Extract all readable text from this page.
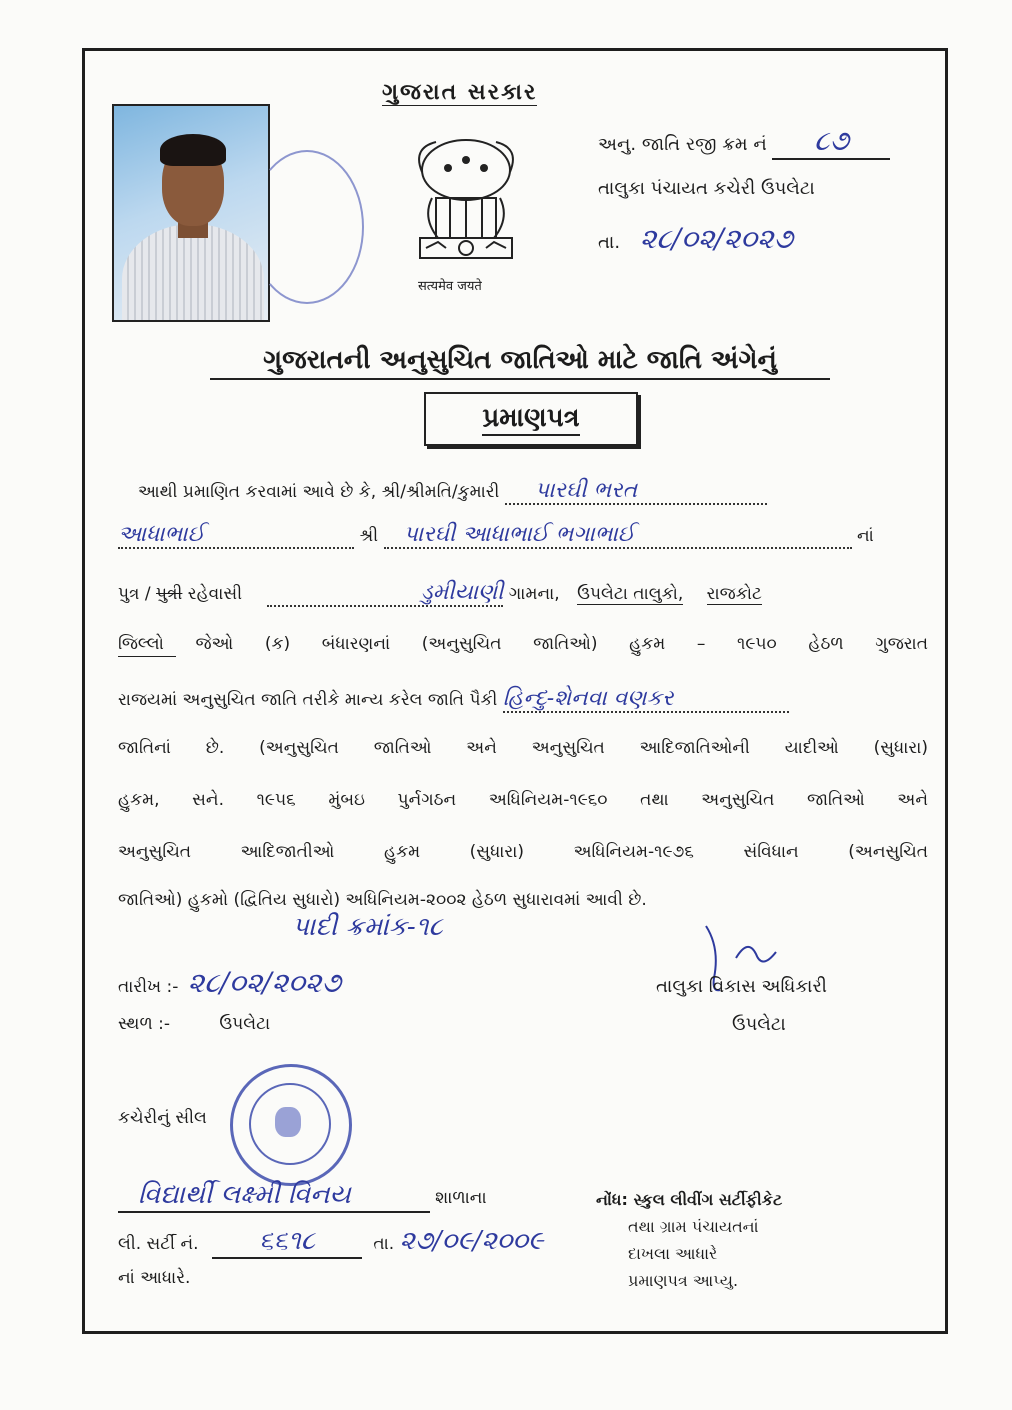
ગુજરાત સરકાર
सत्यमेव जयते
અનુ. જાતિ રજી ક્રમ નં ૮૭
તાલુકા પંચાયત કચેરી ઉપલેટા
તા. ૨૮/૦૨/૨૦૨૭
ગુજરાતની અનુસુચિત જાતિઓ માટે જાતિ અંગેનું
પ્રમાણપત્ર
આથી પ્રમાણિત કરવામાં આવે છે કે, શ્રી/શ્રીમતિ/કુમારી પારઘી ભરત
આધાભાઈ	શ્રી પારઘી આધાભાઈ ભગાભાઈ	નાં
પુત્ર / પુત્રી રહેવાસી	ડુમીયાણી ગામના, ઉપલેટા તાલુકો, રાજકોટ
જિલ્લો જેઓ (ક) બંધારણનાં (અનુસુચિત જાતિઓ) હુકમ – ૧૯૫૦ હેઠળ ગુજરાત
રાજયમાં અનુસુચિત જાતિ તરીકે માન્ય કરેલ જાતિ પૈકી હિન્દુ-શેનવા વણકર
જાતિનાં છે. (અનુસુચિત જાતિઓ અને અનુસુચિત આદિજાતિઓની યાદીઓ (સુધારા)
હુકમ, સને. ૧૯૫૬ મુંબઇ પુર્નગઠન અધિનિયમ-૧૯૬૦ તથા અનુસુચિત જાતિઓ અને
અનુસુચિત આદિજાતીઓ હુકમ (સુધારા) અધિનિયમ-૧૯૭૬ સંવિધાન (અનસુચિત
જાતિઓ) હુકમો (દ્વિતિય સુધારો) અધિનિયમ-૨૦૦૨ હેઠળ સુધારાવમાં આવી છે.
પાદી ક્રમાંક-૧૮
તારીખ :- ૨૮/૦૨/૨૦૨૭
સ્થળ :-	ઉપલેટા
તાલુકા વિકાસ અધિકારી
ઉપલેટા
કચેરીનું સીલ
વિદ્યાર્થી લક્ષ્મી વિનય	શાળાના
લી. સર્ટી નં. ૬૬૧૮	તા. ૨૭/૦૯/૨૦૦૯
નાં આધારે.
નોંધ: સ્કુલ લીવીંગ સર્ટીફીકેટ
તથા ગ્રામ પંચાયતનાં
દાખલા આધારે
પ્રમાણપત્ર આપ્યુ.
